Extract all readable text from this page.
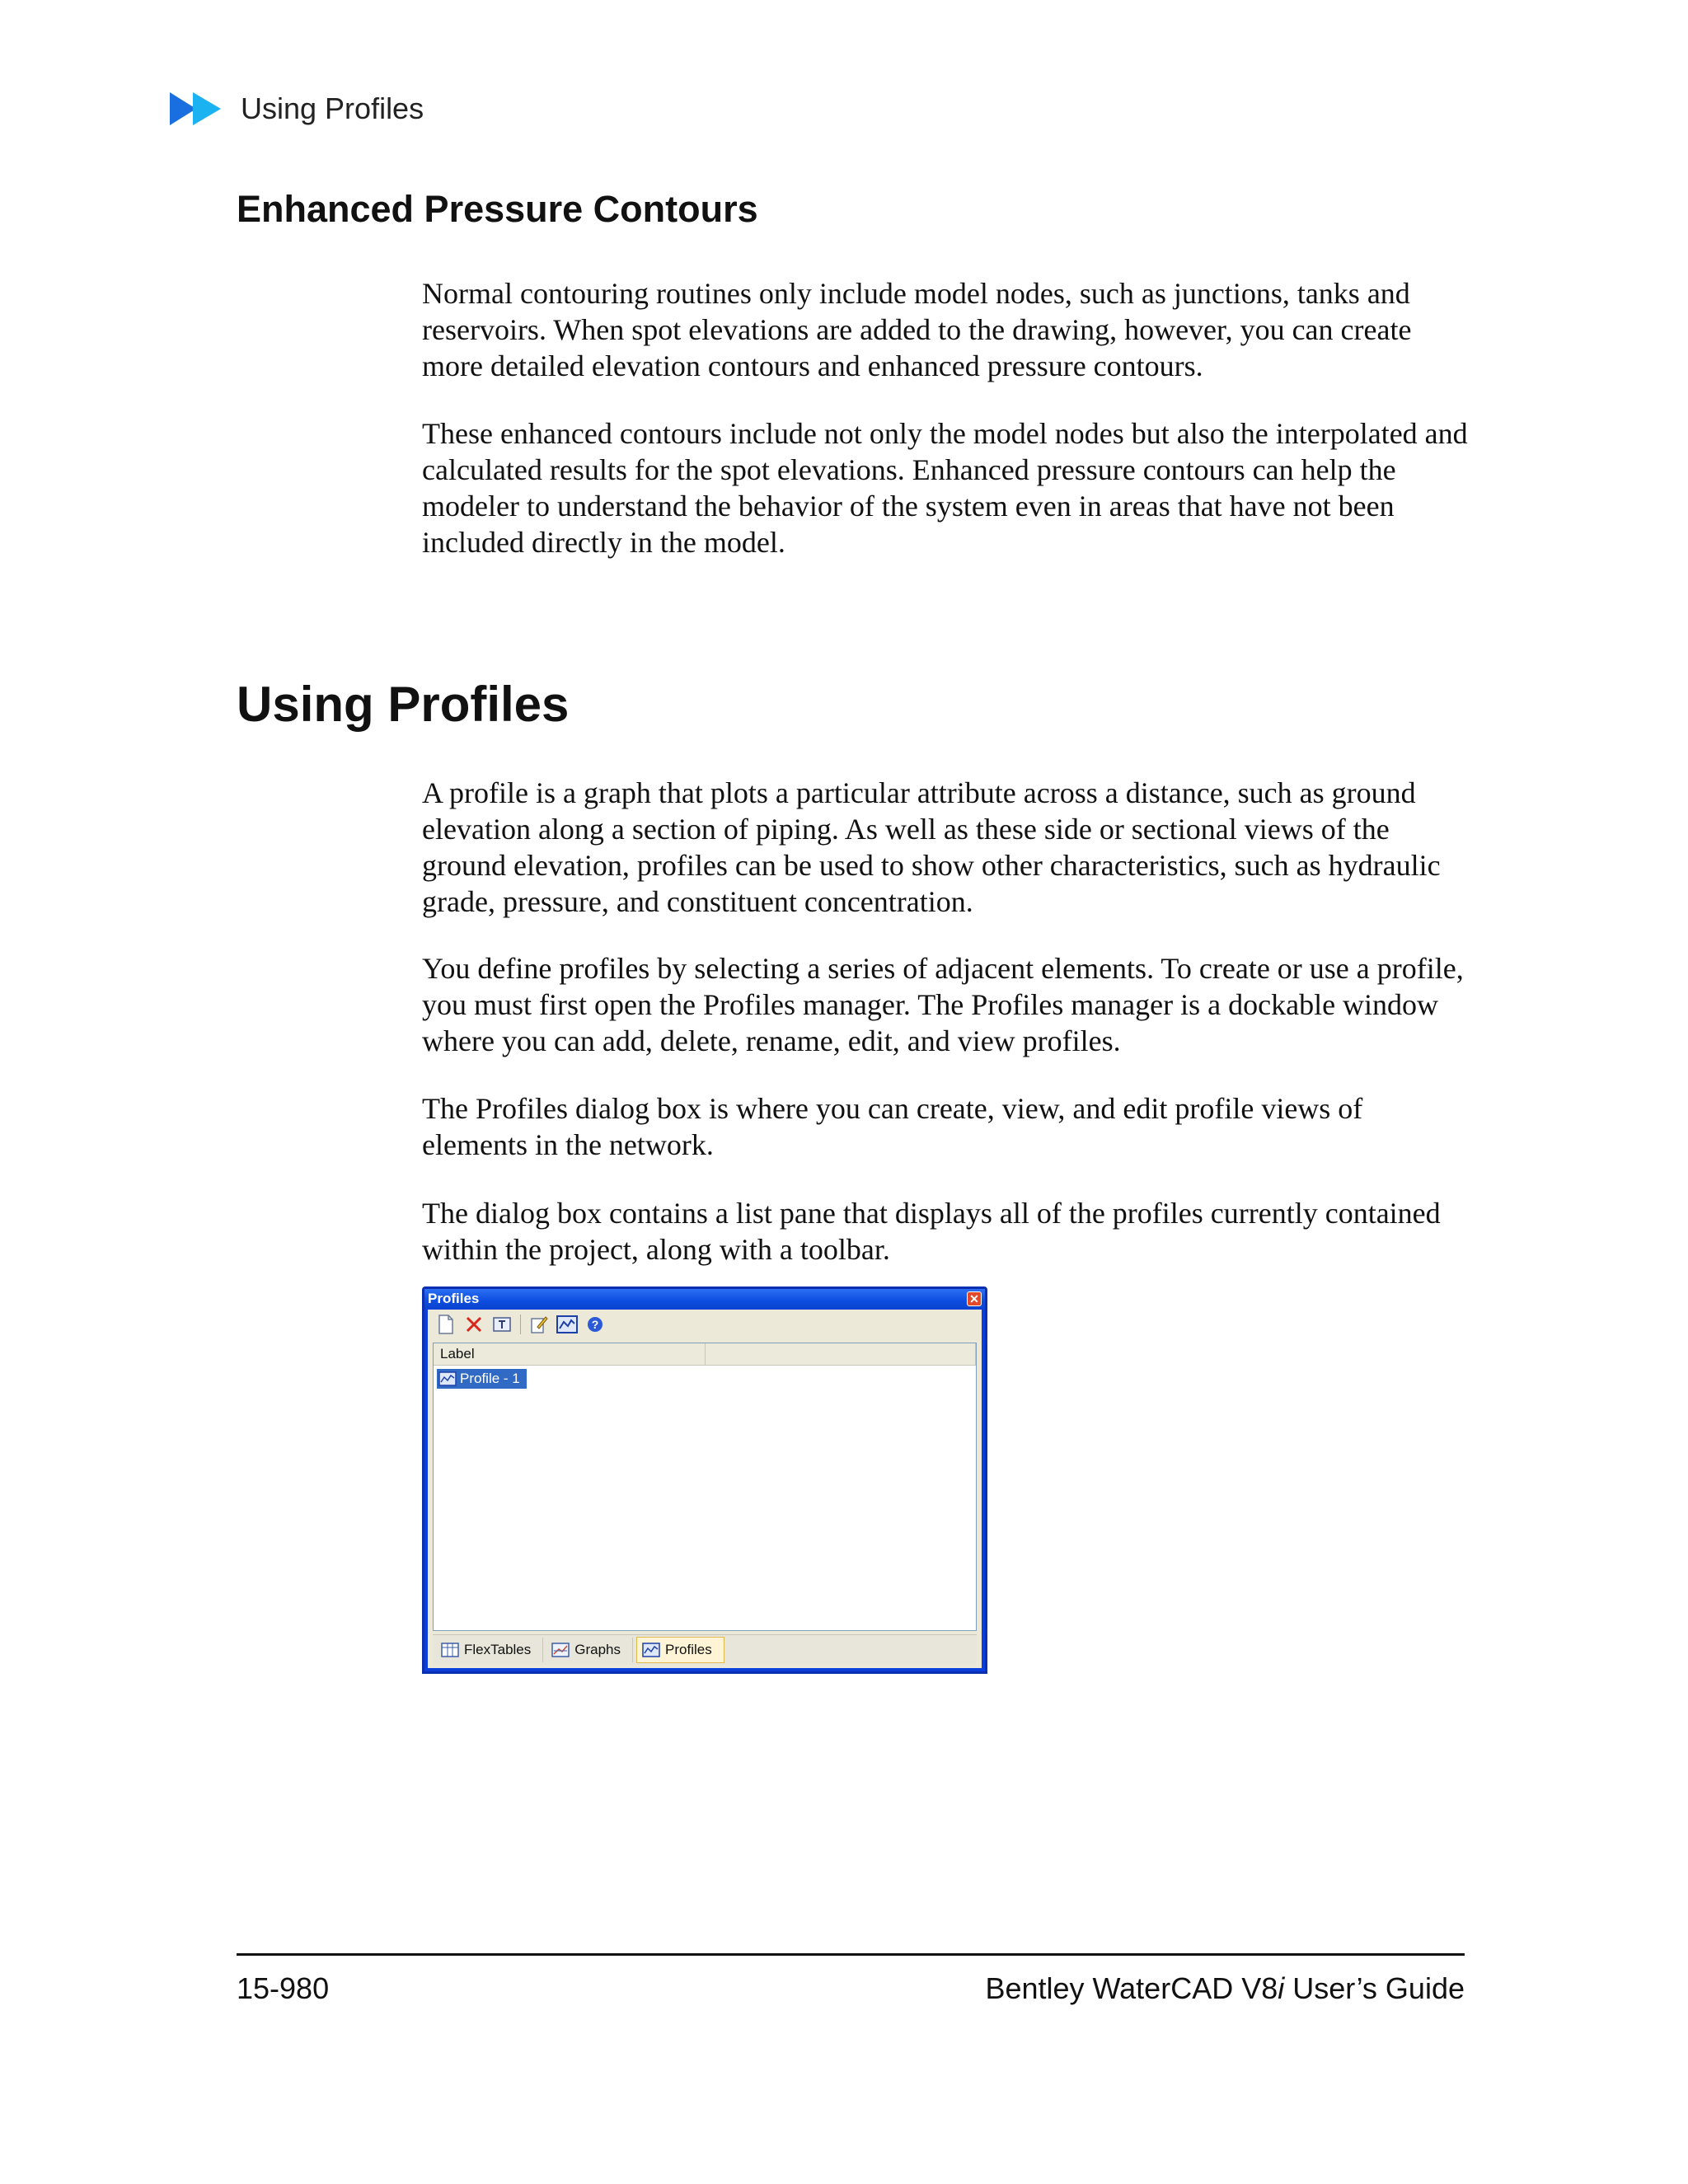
Using Profiles
Enhanced Pressure Contours

Normal contouring routines only include model nodes, such as junctions, tanks and reservoirs. When spot elevations are added to the drawing, however, you can create more detailed elevation contours and enhanced pressure contours.

These enhanced contours include not only the model nodes but also the interpolated and calculated results for the spot elevations. Enhanced pressure contours can help the modeler to understand the behavior of the system even in areas that have not been included directly in the model.

Using Profiles

A profile is a graph that plots a particular attribute across a distance, such as ground elevation along a section of piping. As well as these side or sectional views of the ground elevation, profiles can be used to show other characteristics, such as hydraulic grade, pressure, and constituent concentration.

You define profiles by selecting a series of adjacent elements. To create or use a profile, you must first open the Profiles manager. The Profiles manager is a dockable window where you can add, delete, rename, edit, and view profiles.

The Profiles dialog box is where you can create, view, and edit profile views of elements in the network.

The dialog box contains a list pane that displays all of the profiles currently contained within the project, along with a toolbar.

Profiles	✕
?
Label
Profile - 1
FlexTables	Graphs	Profiles
15-980	Bentley WaterCAD V8i User’s Guide
